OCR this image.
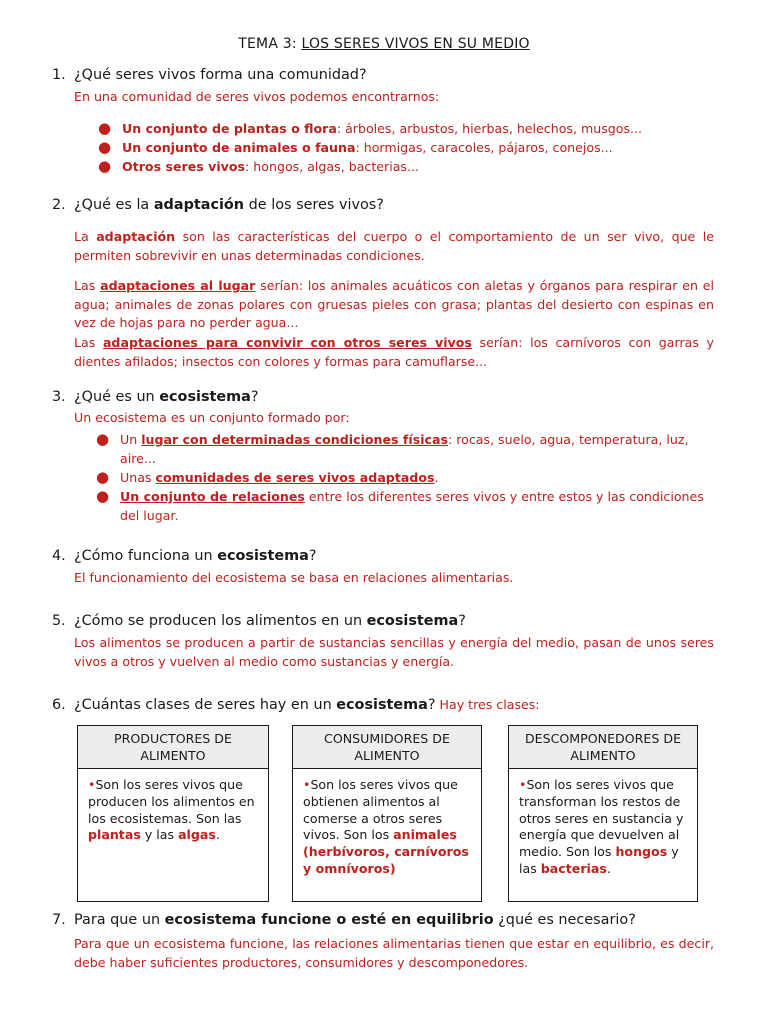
TEMA 3: LOS SERES VIVOS EN SU MEDIO
1. ¿Qué seres vivos forma una comunidad?
En una comunidad de seres vivos podemos encontrarnos:
● Un conjunto de plantas o flora: árboles, arbustos, hierbas, helechos, musgos...
● Un conjunto de animales o fauna: hormigas, caracoles, pájaros, conejos...
● Otros seres vivos: hongos, algas, bacterias...
2. ¿Qué es la adaptación de los seres vivos?
La adaptación son las características del cuerpo o el comportamiento de un ser vivo, que le permiten sobrevivir en unas determinadas condiciones.
Las adaptaciones al lugar serían: los animales acuáticos con aletas y órganos para respirar en el agua; animales de zonas polares con gruesas pieles con grasa; plantas del desierto con espinas en vez de hojas para no perder agua...
Las adaptaciones para convivir con otros seres vivos serían: los carnívoros con garras y dientes afilados; insectos con colores y formas para camuflarse...
3. ¿Qué es un ecosistema?
Un ecosistema es un conjunto formado por:
● Un lugar con determinadas condiciones físicas: rocas, suelo, agua, temperatura, luz, aire...
● Unas comunidades de seres vivos adaptados.
● Un conjunto de relaciones entre los diferentes seres vivos y entre estos y las condiciones del lugar.
4. ¿Cómo funciona un ecosistema?
El funcionamiento del ecosistema se basa en relaciones alimentarias.
5. ¿Cómo se producen los alimentos en un ecosistema?
Los alimentos se producen a partir de sustancias sencillas y energía del medio, pasan de unos seres vivos a otros y vuelven al medio como sustancias y energía.
6. ¿Cuántas clases de seres hay en un ecosistema? Hay tres clases:
PRODUCTORES DE ALIMENTO
•Son los seres vivos que producen los alimentos en los ecosistemas. Son las plantas y las algas.
CONSUMIDORES DE ALIMENTO
•Son los seres vivos que obtienen alimentos al comerse a otros seres vivos. Son los animales (herbívoros, carnívoros y omnívoros)
DESCOMPONEDORES DE ALIMENTO
•Son los seres vivos que transforman los restos de otros seres en sustancia y energía que devuelven al medio. Son los hongos y las bacterias.
7. Para que un ecosistema funcione o esté en equilibrio ¿qué es necesario?
Para que un ecosistema funcione, las relaciones alimentarias tienen que estar en equilibrio, es decir, debe haber suficientes productores, consumidores y descomponedores.
